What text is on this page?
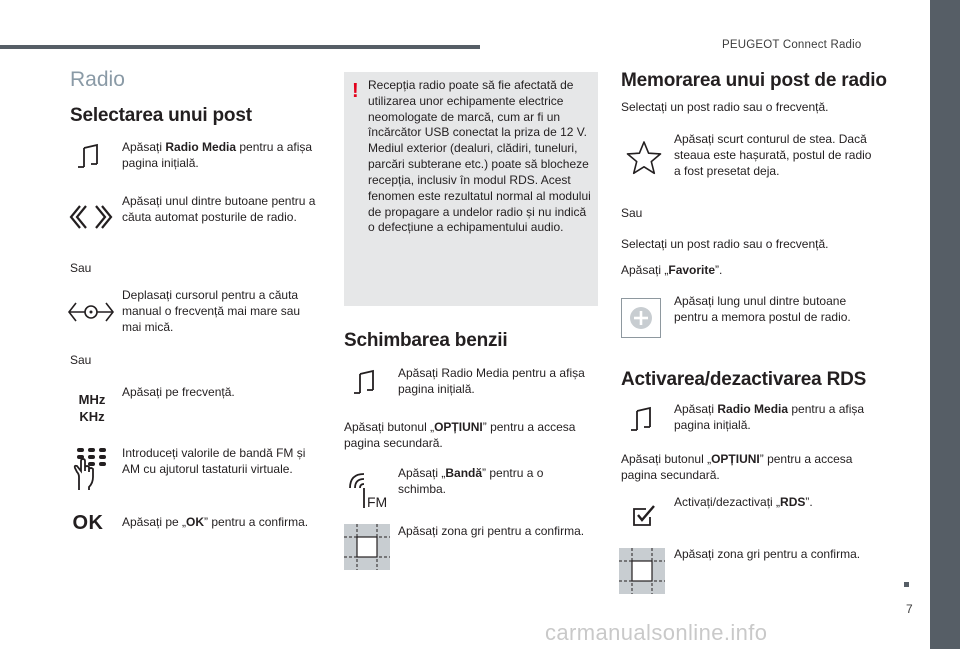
PEUGEOT Connect Radio
7
carmanualsonline.info
Radio
Selectarea unui post
Apăsați Radio Media pentru a afișa pagina inițială.
Apăsați unul dintre butoane pentru a căuta automat posturile de radio.
Sau
Deplasați cursorul pentru a căuta manual o frecvență mai mare sau mai mică.
Sau
MHz
KHz
Apăsați pe frecvență.
Introduceți valorile de bandă FM și AM cu ajutorul tastaturii virtuale.
OK Apăsați pe „OK” pentru a confirma.
! Recepția radio poate să fie afectată de utilizarea unor echipamente electrice neomologate de marcă, cum ar fi un încărcător USB conectat la priza de 12 V.
Mediul exterior (dealuri, clădiri, tuneluri, parcări subterane etc.) poate să blocheze recepția, inclusiv în modul RDS. Acest fenomen este rezultatul normal al modului de propagare a undelor radio și nu indică o defecțiune a echipamentului audio.
Schimbarea benzii
Apăsați Radio Media pentru a afișa pagina inițială.
Apăsați butonul „OPȚIUNI” pentru a accesa pagina secundară.
FM
Apăsați „Bandă” pentru a o schimba.
Apăsați zona gri pentru a confirma.
Memorarea unui post de radio
Selectați un post radio sau o frecvență.
Apăsați scurt conturul de stea. Dacă steaua este hașurată, postul de radio a fost presetat deja.
Sau
Selectați un post radio sau o frecvență.
Apăsați „Favorite”.
Apăsați lung unul dintre butoane pentru a memora postul de radio.
Activarea/dezactivarea RDS
Apăsați Radio Media pentru a afișa pagina inițială.
Apăsați butonul „OPȚIUNI” pentru a accesa pagina secundară.
Activați/dezactivați „RDS”.
Apăsați zona gri pentru a confirma.
